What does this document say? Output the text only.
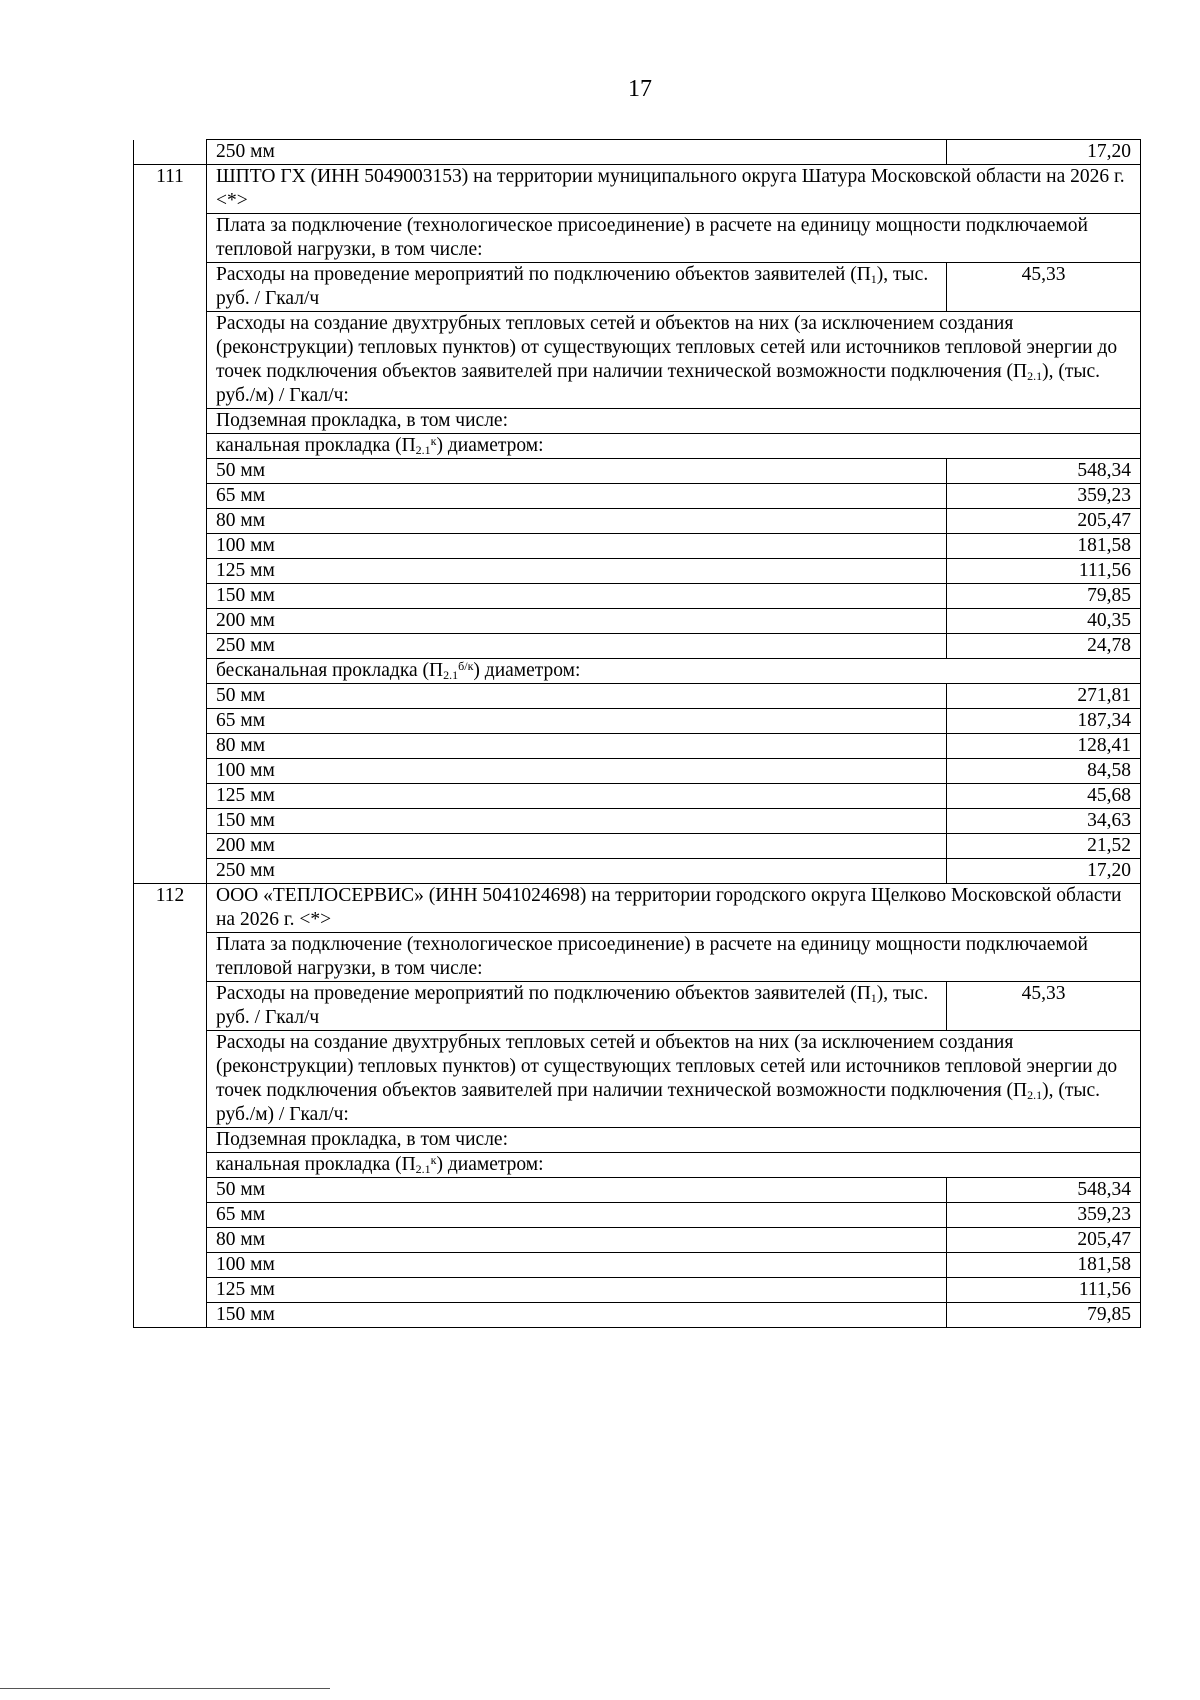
17
	250 мм	17,20
111	ШПТО ГХ (ИНН 5049003153) на территории муниципального округа Шатура Московской области на 2026 г. <*>	
	Плата за подключение (технологическое присоединение) в расчете на единицу мощности подключаемой тепловой нагрузки, в том числе:	
	Расходы на проведение мероприятий по подключению объектов заявителей $(П_1)$, тыс. руб. / Гкал/ч	45,33
	Расходы на создание двухтрубных тепловых сетей и объектов на них (за исключением создания (реконструкции) тепловых пунктов) от существующих тепловых сетей или источников тепловой энергии до точек подключения объектов заявителей при наличии технической возможности подключения $(П_{2.1})$, (тыс. руб./м) / Гкал/ч:	
	Подземная прокладка, в том числе:	
	канальная прокладка $(П_{2.1}^к)$ диаметром:	
	50 мм	548,34
	65 мм	359,23
	80 мм	205,47
	100 мм	181,58
	125 мм	111,56
	150 мм	79,85
	200 мм	40,35
	250 мм	24,78
	бесканальная прокладка $(П_{2.1}^{б/к})$ диаметром:	
	50 мм	271,81
	65 мм	187,34
	80 мм	128,41
	100 мм	84,58
	125 мм	45,68
	150 мм	34,63
	200 мм	21,52
	250 мм	17,20
112	ООО «ТЕПЛОСЕРВИС» (ИНН 5041024698) на территории городского округа Щелково Московской области на 2026 г. <*>	
	Плата за подключение (технологическое присоединение) в расчете на единицу мощности подключаемой тепловой нагрузки, в том числе:	
	Расходы на проведение мероприятий по подключению объектов заявителей $(П_1)$, тыс. руб. / Гкал/ч	45,33
	Расходы на создание двухтрубных тепловых сетей и объектов на них (за исключением создания (реконструкции) тепловых пунктов) от существующих тепловых сетей или источников тепловой энергии до точек подключения объектов заявителей при наличии технической возможности подключения $(П_{2.1})$, (тыс. руб./м) / Гкал/ч:	
	Подземная прокладка, в том числе:	
	канальная прокладка $(П_{2.1}^к)$ диаметром:	
	50 мм	548,34
	65 мм	359,23
	80 мм	205,47
	100 мм	181,58
	125 мм	111,56
	150 мм	79,85
